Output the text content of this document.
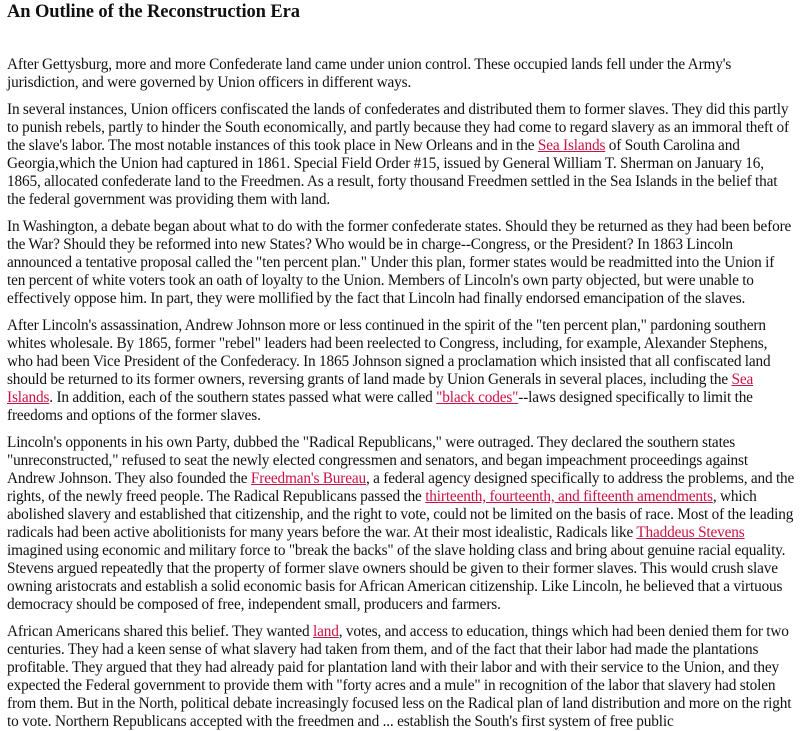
An Outline of the Reconstruction Era

After Gettysburg, more and more Confederate land came under union control. These occupied lands fell under the Army's jurisdiction, and were governed by Union officers in different ways.

In several instances, Union officers confiscated the lands of confederates and distributed them to former slaves. They did this partly to punish rebels, partly to hinder the South economically, and partly because they had come to regard slavery as an immoral theft of the slave's labor. The most notable instances of this took place in New Orleans and in the Sea Islands of South Carolina and Georgia,which the Union had captured in 1861. Special Field Order #15, issued by General William T. Sherman on January 16, 1865, allocated confederate land to the Freedmen. As a result, forty thousand Freedmen settled in the Sea Islands in the belief that the federal government was providing them with land.

In Washington, a debate began about what to do with the former confederate states. Should they be returned as they had been before the War? Should they be reformed into new States? Who would be in charge--Congress, or the President? In 1863 Lincoln announced a tentative proposal called the "ten percent plan." Under this plan, former states would be readmitted into the Union if ten percent of white voters took an oath of loyalty to the Union. Members of Lincoln's own party objected, but were unable to effectively oppose him. In part, they were mollified by the fact that Lincoln had finally endorsed emancipation of the slaves.

After Lincoln's assassination, Andrew Johnson more or less continued in the spirit of the "ten percent plan," pardoning southern whites wholesale. By 1865, former "rebel" leaders had been reelected to Congress, including, for example, Alexander Stephens, who had been Vice President of the Confederacy. In 1865 Johnson signed a proclamation which insisted that all confiscated land should be returned to its former owners, reversing grants of land made by Union Generals in several places, including the Sea Islands. In addition, each of the southern states passed what were called "black codes"--laws designed specifically to limit the freedoms and options of the former slaves.

Lincoln's opponents in his own Party, dubbed the "Radical Republicans," were outraged. They declared the southern states "unreconstructed," refused to seat the newly elected congressmen and senators, and began impeachment proceedings against Andrew Johnson. They also founded the Freedman's Bureau, a federal agency designed specifically to address the problems, and the rights, of the newly freed people. The Radical Republicans passed the thirteenth, fourteenth, and fifteenth amendments, which abolished slavery and established that citizenship, and the right to vote, could not be limited on the basis of race. Most of the leading radicals had been active abolitionists for many years before the war. At their most idealistic, Radicals like Thaddeus Stevens imagined using economic and military force to "break the backs" of the slave holding class and bring about genuine racial equality. Stevens argued repeatedly that the property of former slave owners should be given to their former slaves. This would crush slave owning aristocrats and establish a solid economic basis for African American citizenship. Like Lincoln, he believed that a virtuous democracy should be composed of free, independent small, producers and farmers.

African Americans shared this belief. They wanted land, votes, and access to education, things which had been denied them for two centuries. They had a keen sense of what slavery had taken from them, and of the fact that their labor had made the plantations profitable. They argued that they had already paid for plantation land with their labor and with their service to the Union, and they expected the Federal government to provide them with "forty acres and a mule" in recognition of the labor that slavery had stolen from them. But in the North, political debate increasingly focused less on the Radical plan of land distribution and more on the right to vote. Northern Republicans accepted with the freedmen and ... establish the South's first system of free public
